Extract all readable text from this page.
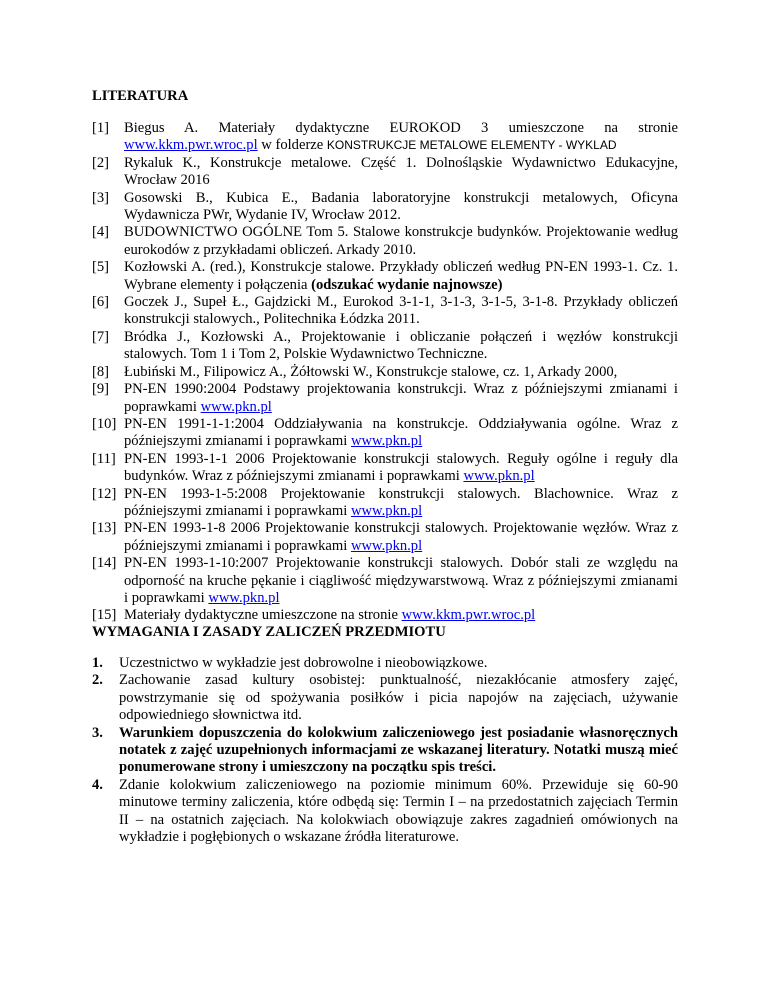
LITERATURA
[1]	Biegus A. Materiały dydaktyczne EUROKOD 3 umieszczone na stronie www.kkm.pwr.wroc.pl w folderze KONSTRUKCJE METALOWE ELEMENTY - WYKLAD
[2]	Rykaluk K., Konstrukcje metalowe. Część 1. Dolnośląskie Wydawnictwo Edukacyjne, Wrocław 2016
[3]	Gosowski B., Kubica E., Badania laboratoryjne konstrukcji metalowych, Oficyna Wydawnicza PWr, Wydanie IV, Wrocław 2012.
[4]	BUDOWNICTWO OGÓLNE Tom 5. Stalowe konstrukcje budynków. Projektowanie według eurokodów z przykładami obliczeń. Arkady 2010.
[5]	Kozłowski A. (red.), Konstrukcje stalowe. Przykłady obliczeń według PN-EN 1993-1. Cz. 1. Wybrane elementy i połączenia (odszukać wydanie najnowsze)
[6]	Goczek J., Supeł Ł., Gajdzicki M., Eurokod 3-1-1, 3-1-3, 3-1-5, 3-1-8. Przykłady obliczeń konstrukcji stalowych., Politechnika Łódzka 2011.
[7]	Bródka J., Kozłowski A., Projektowanie i obliczanie połączeń i węzłów konstrukcji stalowych. Tom 1 i Tom 2, Polskie Wydawnictwo Techniczne.
[8]	Łubiński M., Filipowicz A., Żółtowski W., Konstrukcje stalowe, cz. 1, Arkady 2000,
[9]	PN-EN 1990:2004 Podstawy projektowania konstrukcji. Wraz z późniejszymi zmianami i poprawkami www.pkn.pl
[10] PN-EN 1991-1-1:2004 Oddziaływania na konstrukcje. Oddziaływania ogólne. Wraz z późniejszymi zmianami i poprawkami www.pkn.pl
[11] PN-EN 1993-1-1 2006 Projektowanie konstrukcji stalowych. Reguły ogólne i reguły dla budynków. Wraz z późniejszymi zmianami i poprawkami www.pkn.pl
[12] PN-EN 1993-1-5:2008 Projektowanie konstrukcji stalowych. Blachownice. Wraz z późniejszymi zmianami i poprawkami www.pkn.pl
[13] PN-EN 1993-1-8 2006 Projektowanie konstrukcji stalowych. Projektowanie węzłów. Wraz z późniejszymi zmianami i poprawkami www.pkn.pl
[14] PN-EN 1993-1-10:2007 Projektowanie konstrukcji stalowych. Dobór stali ze względu na odporność na kruche pękanie i ciągliwość międzywarstwową. Wraz z późniejszymi zmianami i poprawkami www.pkn.pl
[15] Materiały dydaktyczne umieszczone na stronie www.kkm.pwr.wroc.pl
WYMAGANIA I ZASADY ZALICZEŃ PRZEDMIOTU
1.	Uczestnictwo w wykładzie jest dobrowolne i nieobowiązkowe.
2.	Zachowanie zasad kultury osobistej: punktualność, niezakłócanie atmosfery zajęć, powstrzymanie się od spożywania posiłków i picia napojów na zajęciach, używanie odpowiedniego słownictwa itd.
3.	Warunkiem dopuszczenia do kolokwium zaliczeniowego jest posiadanie własnoręcznych notatek z zajęć uzupełnionych informacjami ze wskazanej literatury. Notatki muszą mieć ponumerowane strony i umieszczony na początku spis treści.
4.	Zdanie kolokwium zaliczeniowego na poziomie minimum 60%. Przewiduje się 60-90 minutowe terminy zaliczenia, które odbędą się: Termin I – na przedostatnich zajęciach Termin II – na ostatnich zajęciach. Na kolokwiach obowiązuje zakres zagadnień omówionych na wykładzie i pogłębionych o wskazane źródła literaturowe.
